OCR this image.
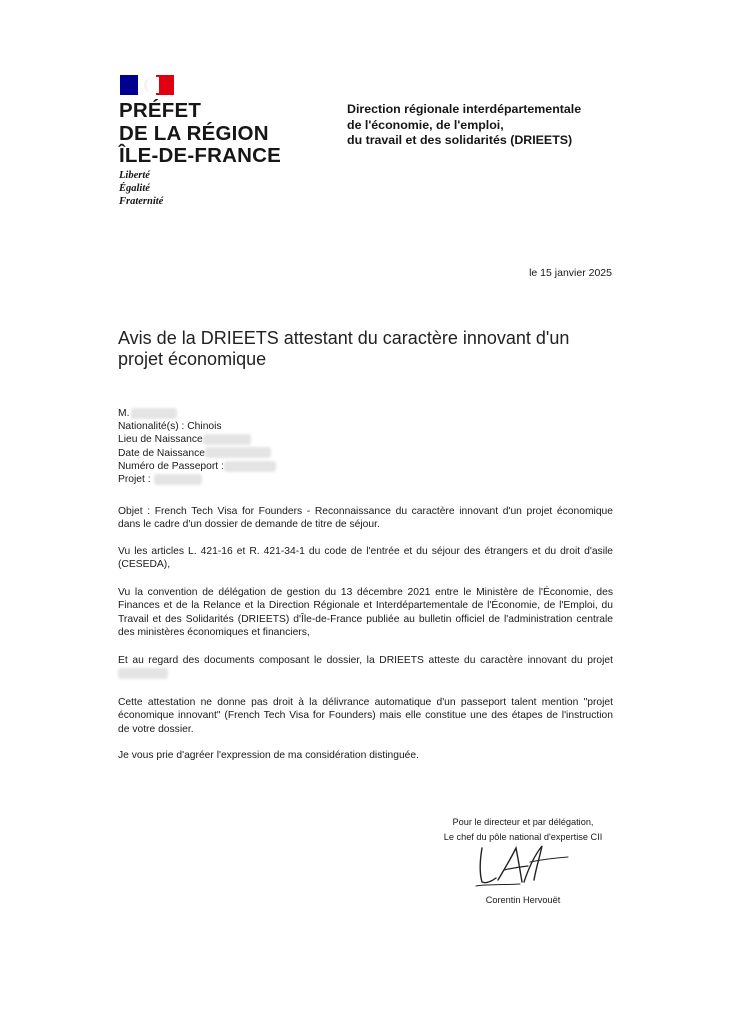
PRÉFET
DE LA RÉGION
ÎLE-DE-FRANCE
Liberté
Égalité
Fraternité
Direction régionale interdépartementale
de l'économie, de l'emploi,
du travail et des solidarités (DRIEETS)
le 15 janvier 2025
Avis de la DRIEETS attestant du caractère innovant d'un projet économique
M.
Nationalité(s) : Chinois
Lieu de Naissance
Date de Naissance
Numéro de Passeport :
Projet :
Objet : French Tech Visa for Founders - Reconnaissance du caractère innovant d'un projet économique dans le cadre d'un dossier de demande de titre de séjour.
Vu les articles L. 421-16 et R. 421-34-1 du code de l'entrée et du séjour des étrangers et du droit d'asile (CESEDA),
Vu la convention de délégation de gestion du 13 décembre 2021 entre le Ministère de l'Économie, des Finances et de la Relance et la Direction Régionale et Interdépartementale de l'Économie, de l'Emploi, du Travail et des Solidarités (DRIEETS) d'Île-de-France publiée au bulletin officiel de l'administration centrale des ministères économiques et financiers,
Et au regard des documents composant le dossier, la DRIEETS atteste du caractère innovant du projet
Cette attestation ne donne pas droit à la délivrance automatique d'un passeport talent mention "projet économique innovant" (French Tech Visa for Founders) mais elle constitue une des étapes de l'instruction de votre dossier.
Je vous prie d'agréer l'expression de ma considération distinguée.
Pour le directeur et par délégation,
Le chef du pôle national d'expertise CII
Corentin Hervouët
